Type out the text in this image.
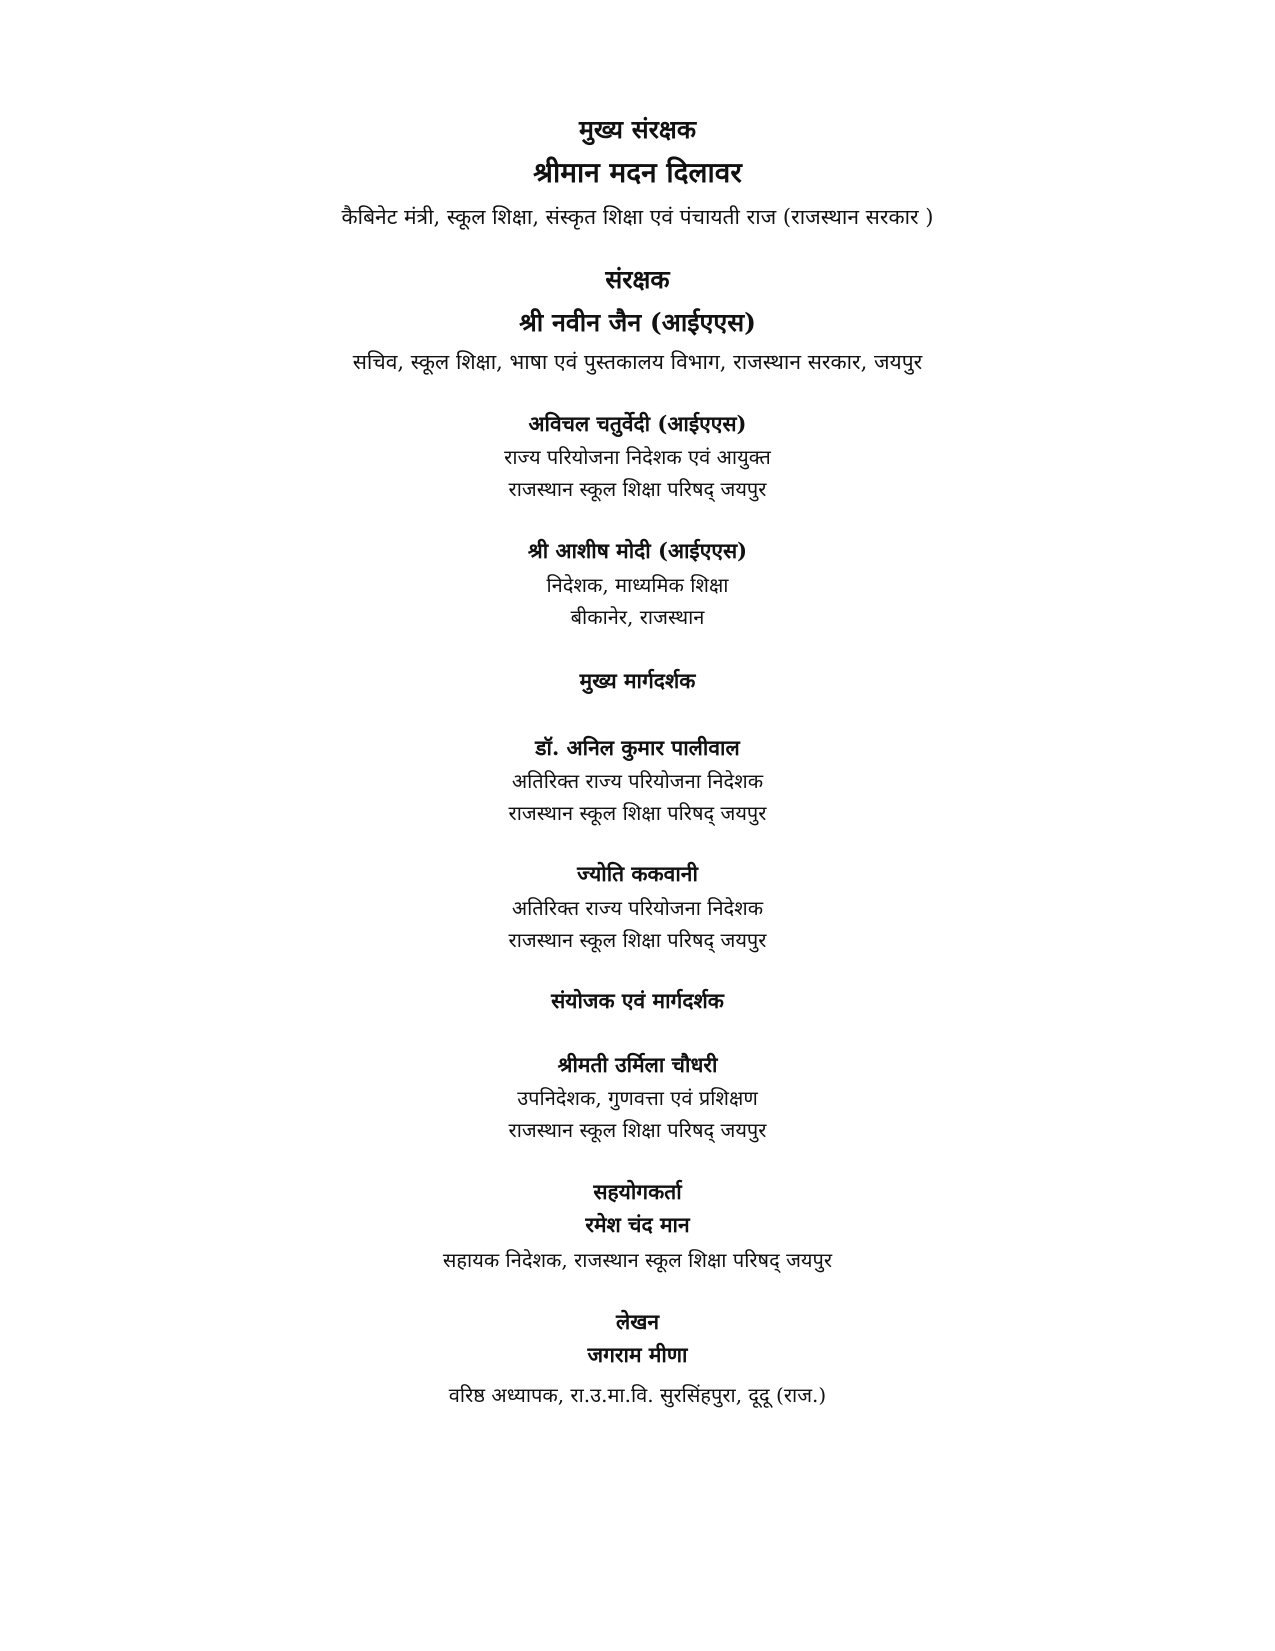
मुख्य संरक्षक
श्रीमान मदन दिलावर
कैबिनेट मंत्री, स्कूल शिक्षा, संस्कृत शिक्षा एवं पंचायती राज (राजस्थान सरकार )
संरक्षक
श्री नवीन जैन (आईएएस)
सचिव, स्कूल शिक्षा, भाषा एवं पुस्तकालय विभाग, राजस्थान सरकार, जयपुर
अविचल चतुर्वेदी (आईएएस)
राज्य परियोजना निदेशक एवं आयुक्त
राजस्थान स्कूल शिक्षा परिषद् जयपुर
श्री आशीष मोदी (आईएएस)
निदेशक, माध्यमिक शिक्षा
बीकानेर, राजस्थान
मुख्य मार्गदर्शक
डॉ. अनिल कुमार पालीवाल
अतिरिक्त राज्य परियोजना निदेशक
राजस्थान स्कूल शिक्षा परिषद् जयपुर
ज्योति ककवानी
अतिरिक्त राज्य परियोजना निदेशक
राजस्थान स्कूल शिक्षा परिषद् जयपुर
संयोजक एवं मार्गदर्शक
श्रीमती उर्मिला चौधरी
उपनिदेशक, गुणवत्ता एवं प्रशिक्षण
राजस्थान स्कूल शिक्षा परिषद् जयपुर
सहयोगकर्ता
रमेश चंद मान
सहायक निदेशक, राजस्थान स्कूल शिक्षा परिषद् जयपुर
लेखन
जगराम मीणा
वरिष्ठ अध्यापक, रा.उ.मा.वि. सुरसिंहपुरा, दूदू (राज.)
